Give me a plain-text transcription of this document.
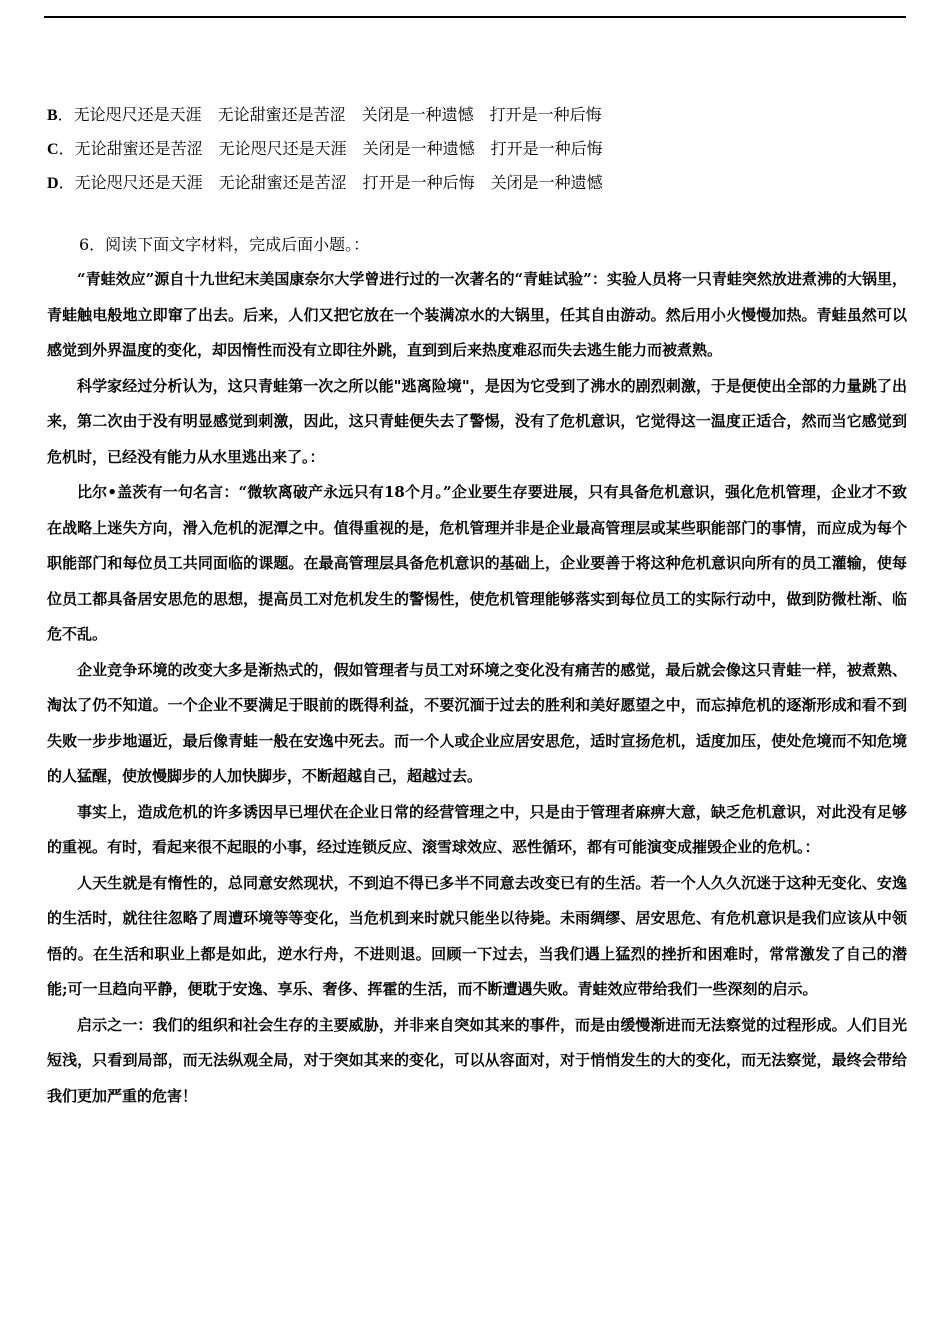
B．无论咫尺还是天涯　无论甜蜜还是苦涩　关闭是一种遗憾　打开是一种后悔
C．无论甜蜜还是苦涩　无论咫尺还是天涯　关闭是一种遗憾　打开是一种后悔
D．无论咫尺还是天涯　无论甜蜜还是苦涩　打开是一种后悔　关闭是一种遗憾
6．阅读下面文字材料，完成后面小题。：

“青蛙效应”源自十九世纪末美国康奈尔大学曾进行过的一次著名的“青蛙试验”：实验人员将一只青蛙突然放进煮沸的大锅里，青蛙触电般地立即窜了出去。后来，人们又把它放在一个装满凉水的大锅里，任其自由游动。然后用小火慢慢加热。青蛙虽然可以感觉到外界温度的变化，却因惰性而没有立即往外跳，直到到后来热度难忍而失去逃生能力而被煮熟。

科学家经过分析认为，这只青蛙第一次之所以能"逃离险境"，是因为它受到了沸水的剧烈刺激，于是便使出全部的力量跳了出来，第二次由于没有明显感觉到刺激，因此，这只青蛙便失去了警惕，没有了危机意识，它觉得这一温度正适合，然而当它感觉到危机时，已经没有能力从水里逃出来了。：

比尔•盖茨有一句名言：“微软离破产永远只有18个月。”企业要生存要进展，只有具备危机意识，强化危机管理，企业才不致在战略上迷失方向，滑入危机的泥潭之中。值得重视的是，危机管理并非是企业最高管理层或某些职能部门的事情，而应成为每个职能部门和每位员工共同面临的课题。在最高管理层具备危机意识的基础上，企业要善于将这种危机意识向所有的员工灌输，使每位员工都具备居安思危的思想，提高员工对危机发生的警惕性，使危机管理能够落实到每位员工的实际行动中，做到防微杜渐、临危不乱。

企业竞争环境的改变大多是渐热式的，假如管理者与员工对环境之变化没有痛苦的感觉，最后就会像这只青蛙一样，被煮熟、淘汰了仍不知道。一个企业不要满足于眼前的既得利益，不要沉湎于过去的胜利和美好愿望之中，而忘掉危机的逐渐形成和看不到失败一步步地逼近，最后像青蛙一般在安逸中死去。而一个人或企业应居安思危，适时宣扬危机，适度加压，使处危境而不知危境的人猛醒，使放慢脚步的人加快脚步，不断超越自己，超越过去。

事实上，造成危机的许多诱因早已埋伏在企业日常的经营管理之中，只是由于管理者麻痹大意，缺乏危机意识，对此没有足够的重视。有时，看起来很不起眼的小事，经过连锁反应、滚雪球效应、恶性循环，都有可能演变成摧毁企业的危机。：

人天生就是有惰性的，总同意安然现状，不到迫不得已多半不同意去改变已有的生活。若一个人久久沉迷于这种无变化、安逸的生活时，就往往忽略了周遭环境等等变化，当危机到来时就只能坐以待毙。未雨绸缪、居安思危、有危机意识是我们应该从中领悟的。在生活和职业上都是如此，逆水行舟，不进则退。回顾一下过去，当我们遇上猛烈的挫折和困难时，常常激发了自己的潜能;可一旦趋向平静，便耽于安逸、享乐、奢侈、挥霍的生活，而不断遭遇失败。青蛙效应带给我们一些深刻的启示。

启示之一：我们的组织和社会生存的主要威胁，并非来自突如其来的事件，而是由缓慢渐进而无法察觉的过程形成。人们目光短浅，只看到局部，而无法纵观全局，对于突如其来的变化，可以从容面对，对于悄悄发生的大的变化，而无法察觉，最终会带给我们更加严重的危害！
